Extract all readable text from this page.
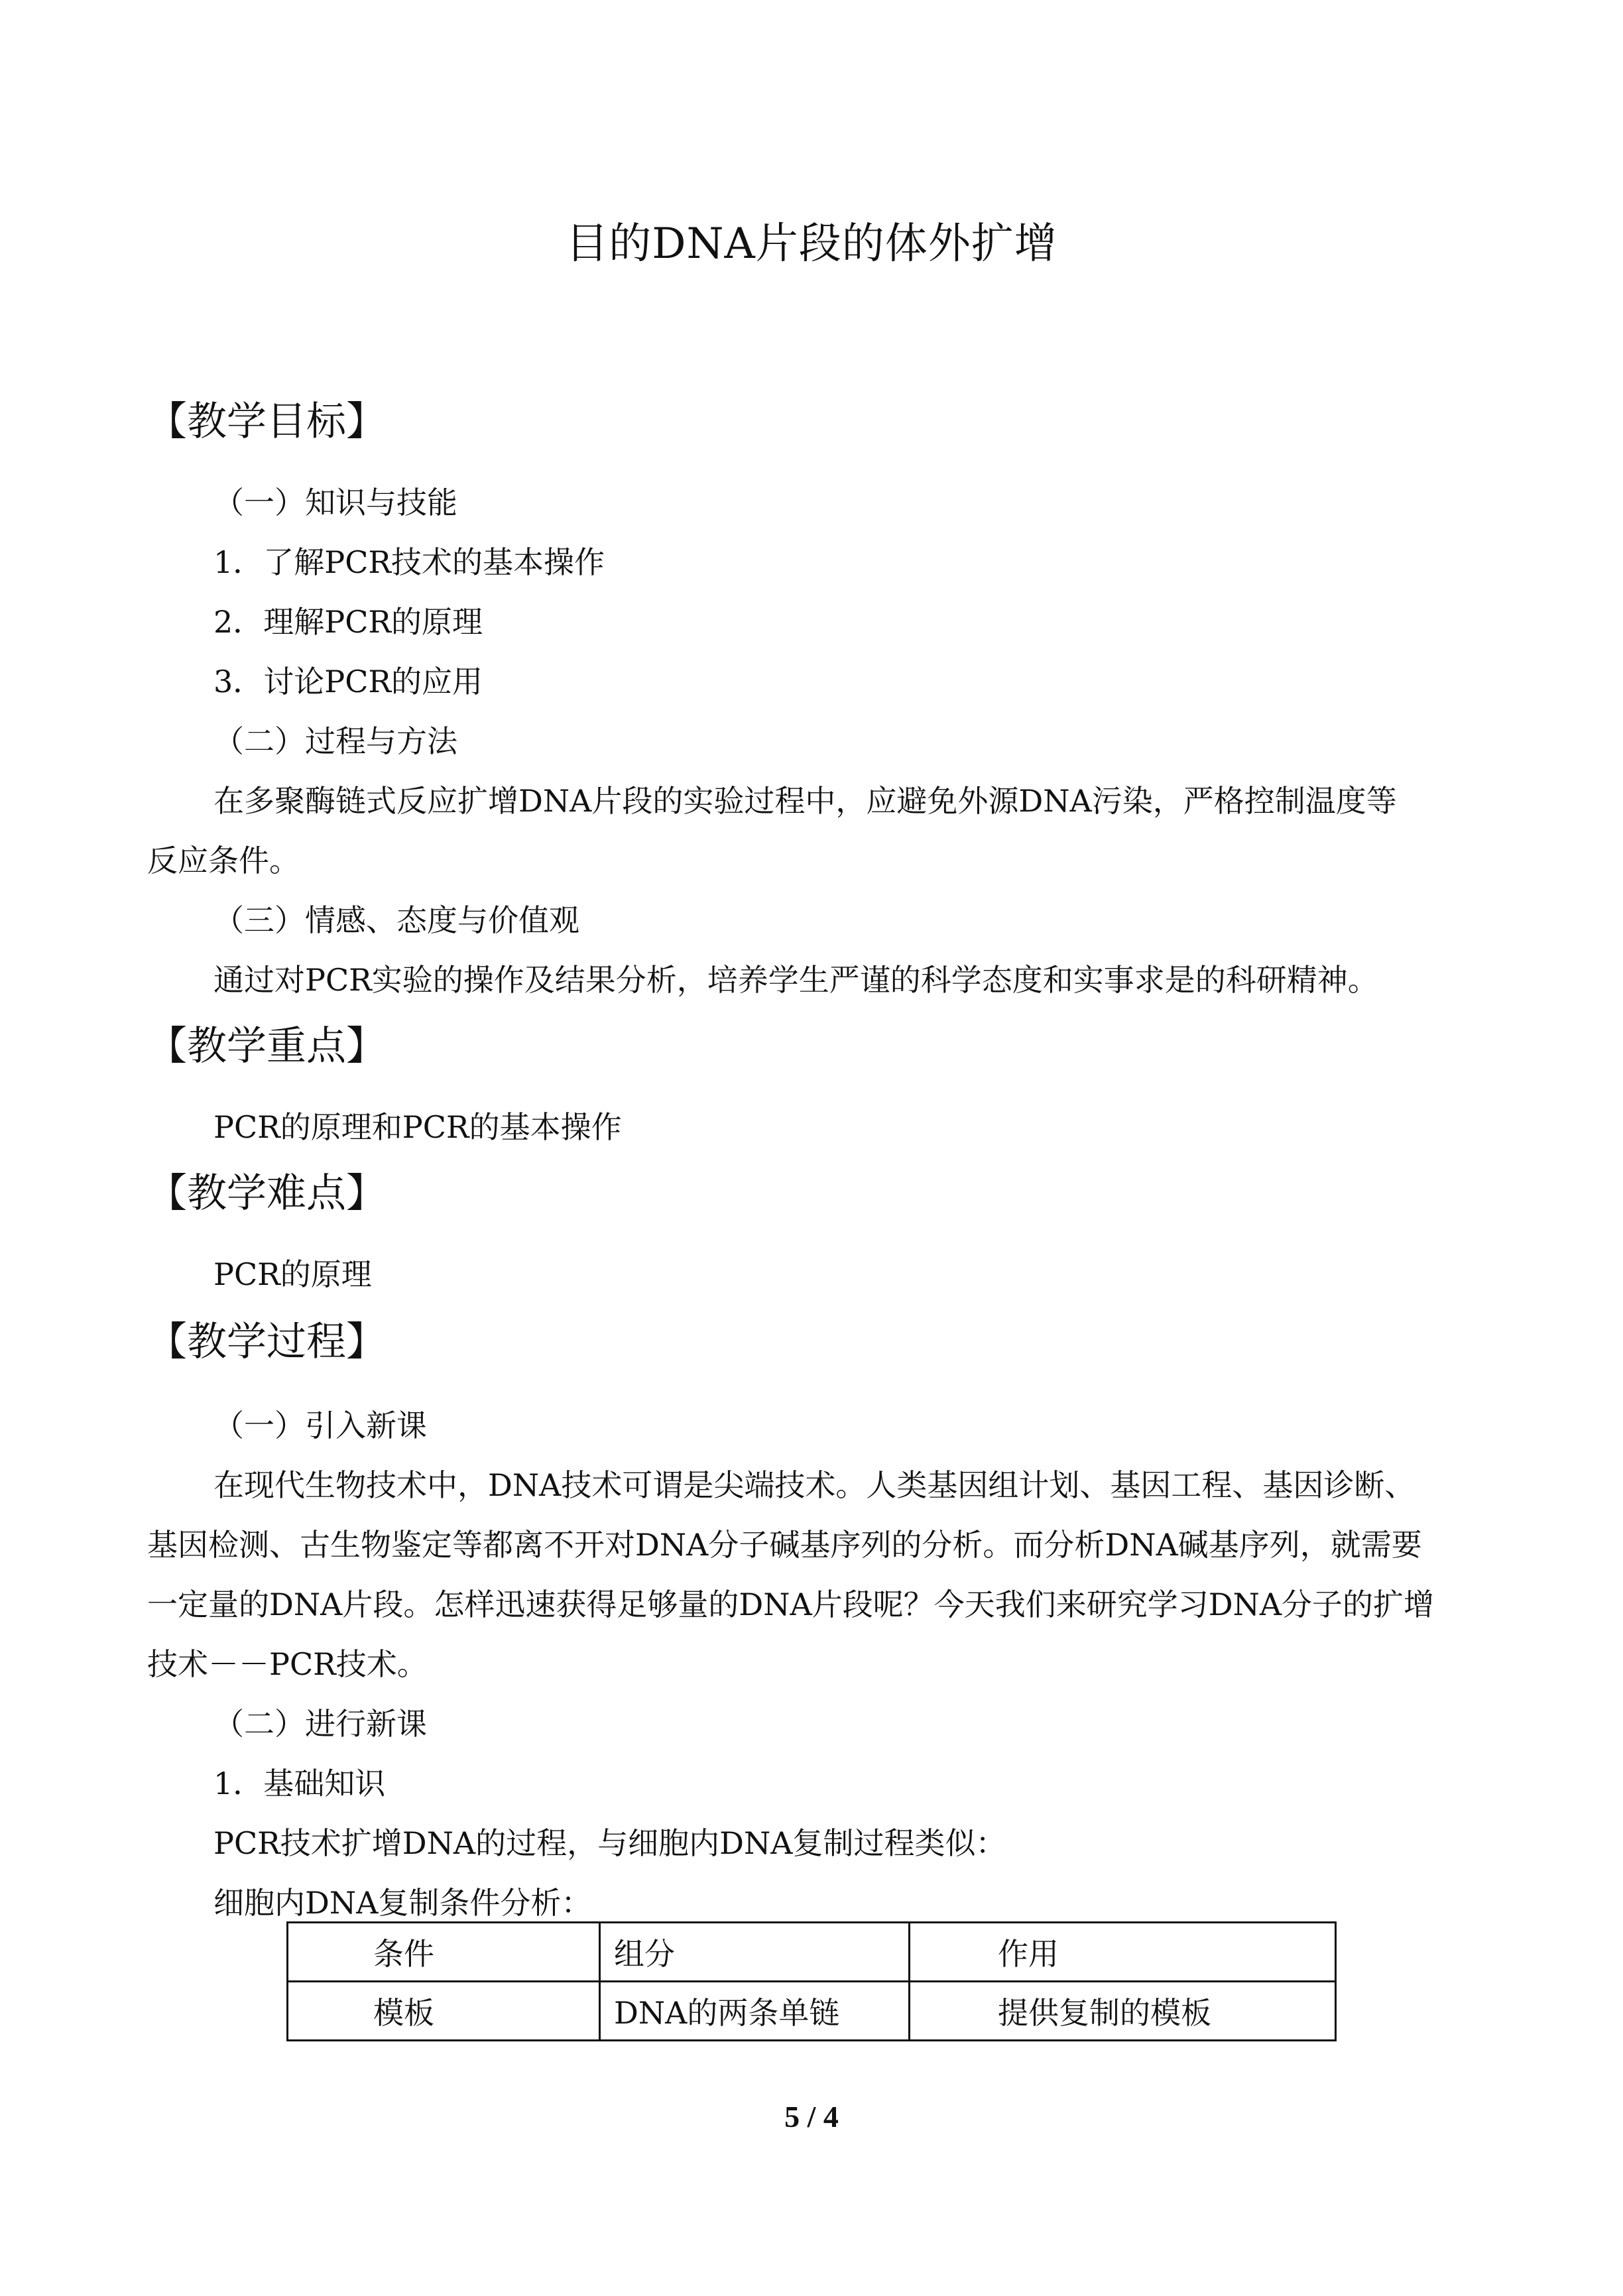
目的DNA片段的体外扩增
【教学目标】
（一）知识与技能
1．了解PCR技术的基本操作
2．理解PCR的原理
3．讨论PCR的应用
（二）过程与方法
在多聚酶链式反应扩增DNA片段的实验过程中，应避免外源DNA污染，严格控制温度等
反应条件。
（三）情感、态度与价值观
通过对PCR实验的操作及结果分析，培养学生严谨的科学态度和实事求是的科研精神。
【教学重点】
PCR的原理和PCR的基本操作
【教学难点】
PCR的原理
【教学过程】
（一）引入新课
在现代生物技术中，DNA技术可谓是尖端技术。人类基因组计划、基因工程、基因诊断、
基因检测、古生物鉴定等都离不开对DNA分子碱基序列的分析。而分析DNA碱基序列，就需要
一定量的DNA片段。怎样迅速获得足够量的DNA片段呢？今天我们来研究学习DNA分子的扩增
技术－－PCR技术。
（二）进行新课
1．基础知识
PCR技术扩增DNA的过程，与细胞内DNA复制过程类似：
细胞内DNA复制条件分析：
条件	组分	作用
模板	DNA的两条单链	提供复制的模板
5 / 4
